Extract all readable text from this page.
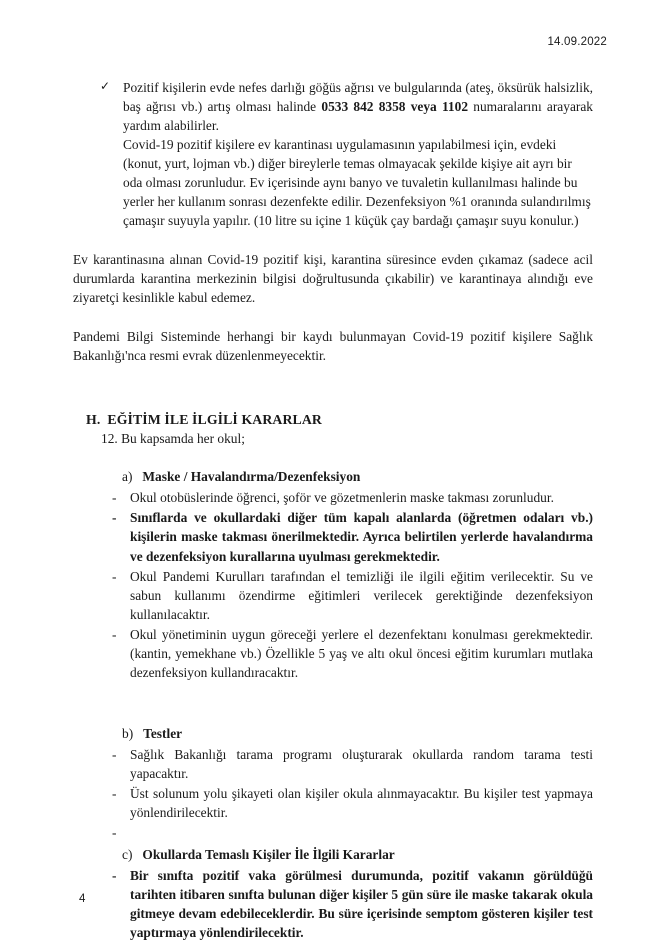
14.09.2022
✓ Pozitif kişilerin evde nefes darlığı göğüs ağrısı ve bulgularında (ateş, öksürük halsizlik, baş ağrısı vb.) artış olması halinde 0533 842 8358 veya 1102 numaralarını arayarak yardım alabilirler.
Covid-19 pozitif kişilere ev karantinası uygulamasının yapılabilmesi için, evdeki (konut, yurt, lojman vb.) diğer bireylerle temas olmayacak şekilde kişiye ait ayrı bir oda olması zorunludur. Ev içerisinde aynı banyo ve tuvaletin kullanılması halinde bu yerler her kullanım sonrası dezenfekte edilir. Dezenfeksiyon %1 oranında sulandırılmış çamaşır suyuyla yapılır. (10 litre su içine 1 küçük çay bardağı çamaşır suyu konulur.)
Ev karantinasına alınan Covid-19 pozitif kişi, karantina süresince evden çıkamaz (sadece acil durumlarda karantina merkezinin bilgisi doğrultusunda çıkabilir) ve karantinaya alındığı eve ziyaretçi kesinlikle kabul edemez.
Pandemi Bilgi Sisteminde herhangi bir kaydı bulunmayan Covid-19 pozitif kişilere Sağlık Bakanlığı'nca resmi evrak düzenlenmeyecektir.
H. EĞİTİM İLE İLGİLİ KARARLAR
12. Bu kapsamda her okul;
a) Maske / Havalandırma/Dezenfeksiyon
- Okul otobüslerinde öğrenci, şoför ve gözetmenlerin maske takması zorunludur.
- Sınıflarda ve okullardaki diğer tüm kapalı alanlarda (öğretmen odaları vb.) kişilerin maske takması önerilmektedir. Ayrıca belirtilen yerlerde havalandırma ve dezenfeksiyon kurallarına uyulması gerekmektedir.
- Okul Pandemi Kurulları tarafından el temizliği ile ilgili eğitim verilecektir. Su ve sabun kullanımı özendirme eğitimleri verilecek gerektiğinde dezenfeksiyon kullanılacaktır.
- Okul yönetiminin uygun göreceği yerlere el dezenfektanı konulması gerekmektedir. (kantin, yemekhane vb.) Özellikle 5 yaş ve altı okul öncesi eğitim kurumları mutlaka dezenfeksiyon kullandıracaktır.
b) Testler
- Sağlık Bakanlığı tarama programı oluşturarak okullarda random tarama testi yapacaktır.
- Üst solunum yolu şikayeti olan kişiler okula alınmayacaktır. Bu kişiler test yapmaya yönlendirilecektir.
-
c) Okullarda Temaslı Kişiler İle İlgili Kararlar
- Bir sınıfta pozitif vaka görülmesi durumunda, pozitif vakanın görüldüğü tarihten itibaren sınıfta bulunan diğer kişiler 5 gün süre ile maske takarak okula gitmeye devam edebileceklerdir. Bu süre içerisinde semptom gösteren kişiler test yaptırmaya yönlendirilecektir.
4
